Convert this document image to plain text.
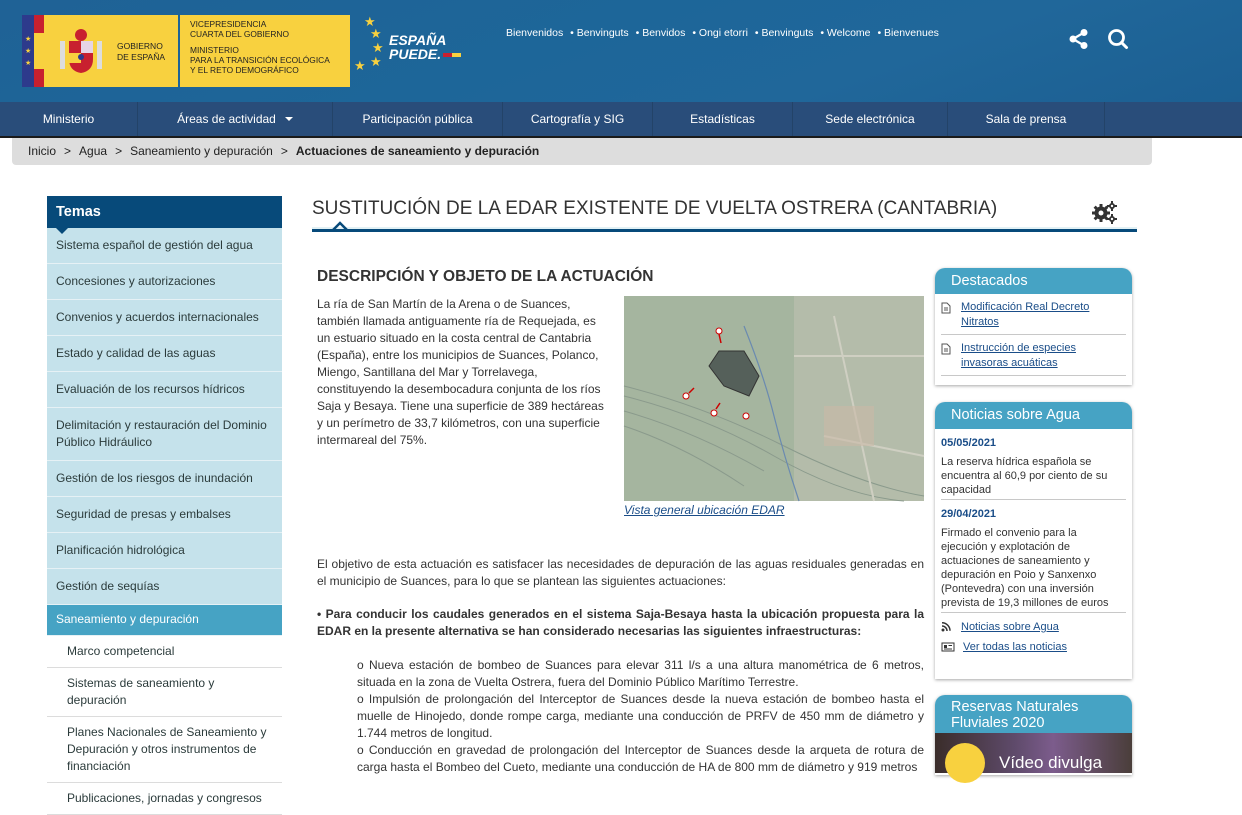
★
★
★
GOBIERNO
DE ESPAÑA
VICEPRESIDENCIA
CUARTA DEL GOBIERNO
MINISTERIO
PARA LA TRANSICIÓN ECOLÓGICA
Y EL RETO DEMOGRÁFICO
★
★
★
★
★
ESPAÑA
PUEDE.
Bienvenidos • Benvinguts • Benvidos • Ongi etorri • Benvinguts • Welcome • Bienvenues
Ministerio	Áreas de actividad	Participación pública	Cartografía y SIG	Estadísticas	Sede electrónica	Sala de prensa
Inicio > Agua > Saneamiento y depuración > Actuaciones de saneamiento y depuración
Temas
Sistema español de gestión del agua
Concesiones y autorizaciones
Convenios y acuerdos internacionales
Estado y calidad de las aguas
Evaluación de los recursos hídricos
Delimitación y restauración del Dominio Público Hidráulico
Gestión de los riesgos de inundación
Seguridad de presas y embalses
Planificación hidrológica
Gestión de sequías
Saneamiento y depuración
Marco competencial
Sistemas de saneamiento y depuración
Planes Nacionales de Saneamiento y Depuración y otros instrumentos de financiación
Publicaciones, jornadas y congresos
SUSTITUCIÓN DE LA EDAR EXISTENTE DE VUELTA OSTRERA (CANTABRIA)
DESCRIPCIÓN Y OBJETO DE LA ACTUACIÓN
La ría de San Martín de la Arena o de Suances, también llamada antiguamente ría de Requejada, es un estuario situado en la costa central de Cantabria (España), entre los municipios de Suances, Polanco, Miengo, Santillana del Mar y Torrelavega, constituyendo la desembocadura conjunta de los ríos Saja y Besaya. Tiene una superficie de 389 hectáreas y un perímetro de 33,7 kilómetros, con una superficie intermareal del 75%.
Vista general ubicación EDAR
El objetivo de esta actuación es satisfacer las necesidades de depuración de las aguas residuales generadas en el municipio de Suances, para lo que se plantean las siguientes actuaciones:
• Para conducir los caudales generados en el sistema Saja-Besaya hasta la ubicación propuesta para la EDAR en la presente alternativa se han considerado necesarias las siguientes infraestructuras:
o Nueva estación de bombeo de Suances para elevar 311 l/s a una altura manométrica de 6 metros, situada en la zona de Vuelta Ostrera, fuera del Dominio Público Marítimo Terrestre.
o Impulsión de prolongación del Interceptor de Suances desde la nueva estación de bombeo hasta el muelle de Hinojedo, donde rompe carga, mediante una conducción de PRFV de 450 mm de diámetro y 1.744 metros de longitud.
o Conducción en gravedad de prolongación del Interceptor de Suances desde la arqueta de rotura de carga hasta el Bombeo del Cueto, mediante una conducción de HA de 800 mm de diámetro y 919 metros
Destacados
Modificación Real Decreto Nitratos
Instrucción de especies invasoras acuáticas
Noticias sobre Agua
05/05/2021
La reserva hídrica española se encuentra al 60,9 por ciento de su capacidad
29/04/2021
Firmado el convenio para la ejecución y explotación de actuaciones de saneamiento y depuración en Poio y Sanxenxo (Pontevedra) con una inversión prevista de 19,3 millones de euros
Noticias sobre Agua
Ver todas las noticias
Reservas Naturales Fluviales 2020
Vídeo divulga
